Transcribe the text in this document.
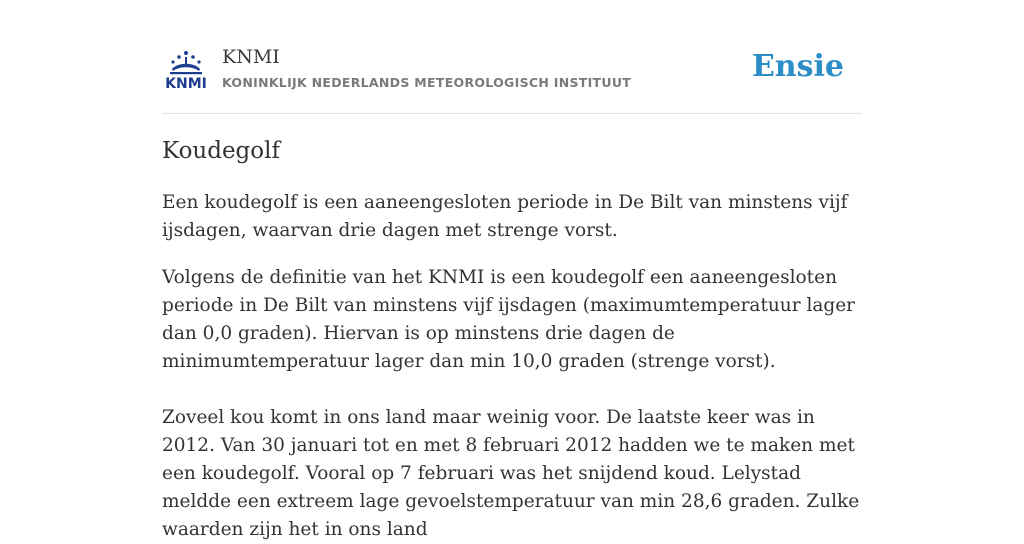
KNMI
KNMI
KONINKLIJK NEDERLANDS METEOROLOGISCH INSTITUUT	Ensie
Koudegolf

Een koudegolf is een aaneengesloten periode in De Bilt van minstens vijf ijsdagen, waarvan drie dagen met strenge vorst.

Volgens de definitie van het KNMI is een koudegolf een aaneengesloten periode in De Bilt van minstens vijf ijsdagen (maximumtemperatuur lager dan 0,0 graden). Hiervan is op minstens drie dagen de minimumtemperatuur lager dan min 10,0 graden (strenge vorst).

Zoveel kou komt in ons land maar weinig voor. De laatste keer was in 2012. Van 30 januari tot en met 8 februari 2012 hadden we te maken met een koudegolf. Vooral op 7 februari was het snijdend koud. Lelystad meldde een extreem lage gevoelstemperatuur van min 28,6 graden. Zulke waarden zijn het in ons land
